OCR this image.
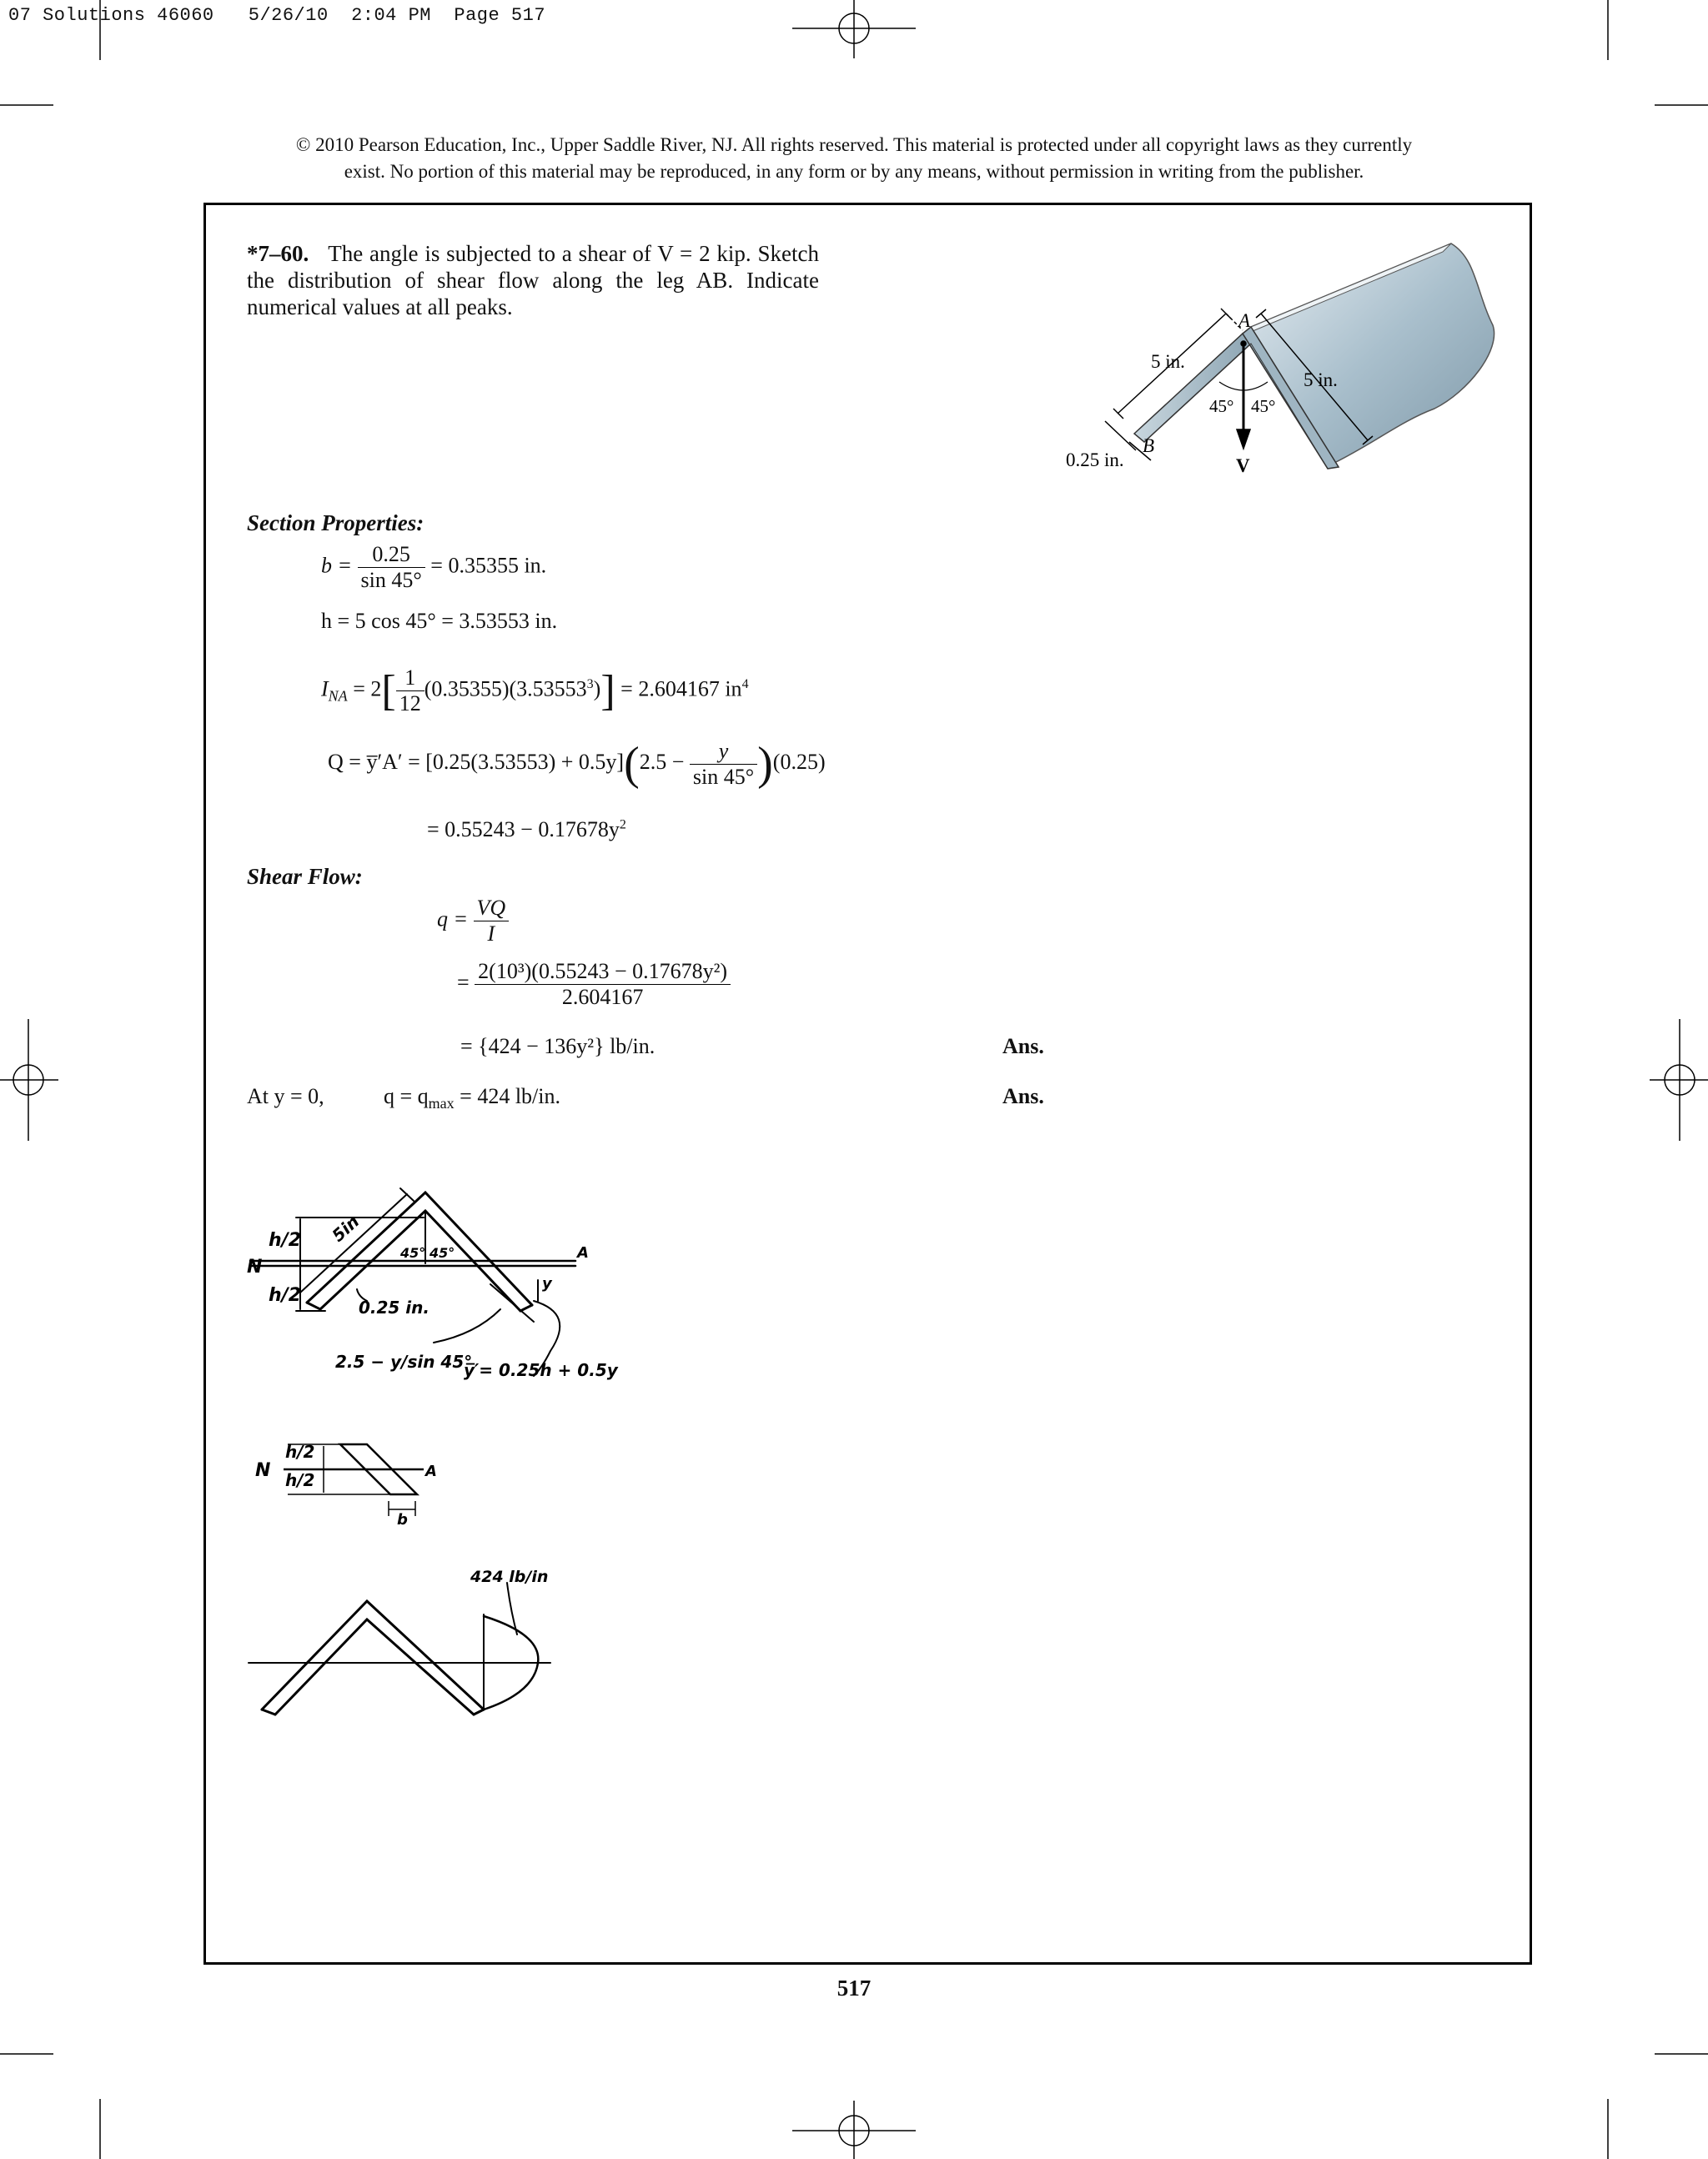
07 Solutions 46060 5/26/10 2:04 PM Page 517
© 2010 Pearson Education, Inc., Upper Saddle River, NJ. All rights reserved. This material is protected under all copyright laws as they currently
exist. No portion of this material may be reproduced, in any form or by any means, without permission in writing from the publisher.
*7–60. The angle is subjected to a shear of V = 2 kip. Sketch the distribution of shear flow along the leg AB. Indicate numerical values at all peaks.
A
B
V
5 in.
5 in.
45° 45°
0.25 in.
Section Properties:
$b = \frac{0.25}{\sin 45^\circ} = 0.35355$ in.
h = 5 cos 45° = 3.53553 in.
$I_{NA} = 2[ \frac{1}{12} (0.35355)(3.53553^3)] = 2.604167$ $in^4$
Q = y̅′A′ = $[0.25(3.53553) + 0.5y](2.5 - \frac{y}{\sin 45^\circ} )(0.25)$
= $0.55243 - 0.17678y^2$
Shear Flow:
$q = \frac{VQ}{I}$
= $\frac{\text{2(10³)(0.55243 − 0.17678y²)}}{2.604167}$
= {424 − 136y²} lb/in.	Ans.
At y = 0,	$q = q_{max} = 424$ lb/in.	Ans.
h/2
h/2
N
A
5in
45° 45°
0.25 in.
y
2.5 − y/sin 45°
y̅′= 0.25h + 0.5y
N	A
h/2
h/2
b
424 lb/in
517
